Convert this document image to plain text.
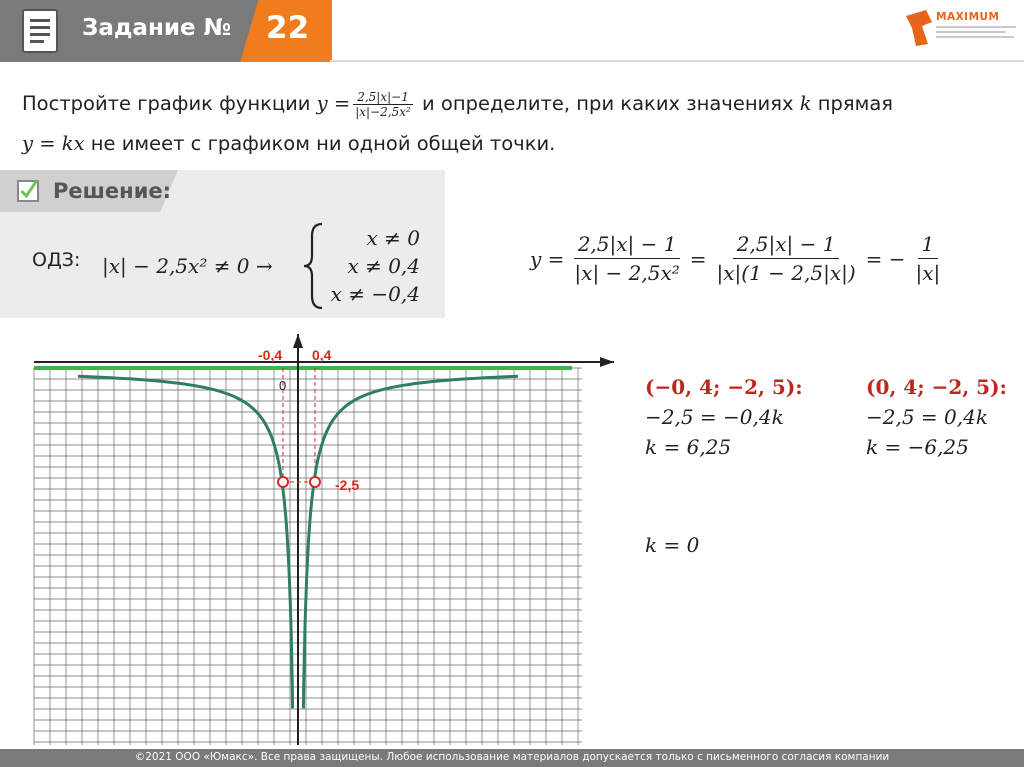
Задание № 22	MAXIMUM
Постройте график функции $y = \frac{2,5|x|-1}{\text{|x|−2,5x²}}$ и определите, при каких значениях k прямая
y = kx не имеет с графиком ни одной общей точки.
Решение:
ОДЗ: |x| − 2,5x² ≠ 0 →
x ≠ 0
x ≠ 0,4
x ≠ −0,4
$y = \frac{2,5|x| - 1}{\text{|x| − 2,5x²}} = \frac{2,5|x| - 1}{|x|(1 - 2,5|x|)}$ = − $\frac{1}{|x|}$
-0,4 0,4
0
-2,5
(−0, 4; −2, 5):
−2,5 = −0,4k
k = 6,25
(0, 4; −2, 5):
−2,5 = 0,4k
k = −6,25
k = 0
©2021 ООО «Юмакс». Все права защищены. Любое использование материалов допускается только с письменного согласия компании
